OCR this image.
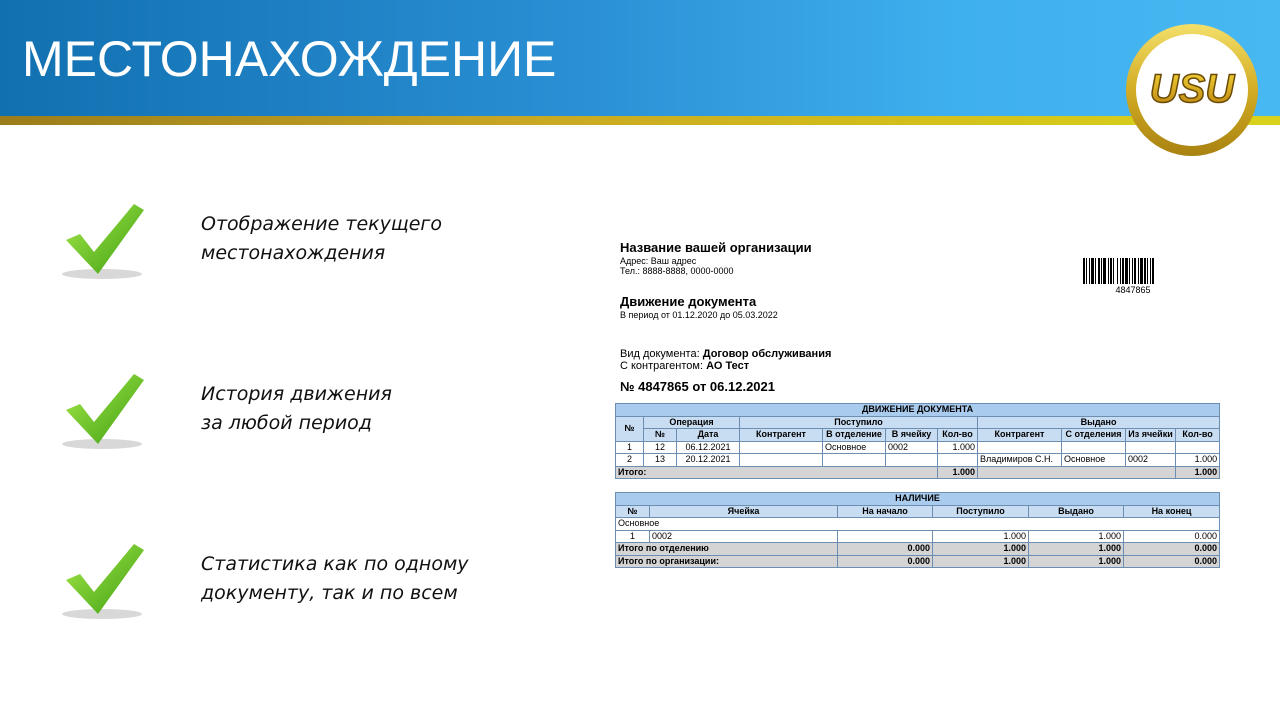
МЕСТОНАХОЖДЕНИЕ
USU
Отображение текущего
местонахождения
История движения
за любой период
Статистика как по одному
документу, так и по всем
Название вашей организации
Адрес: Ваш адрес
Тел.: 8888-8888, 0000-0000
4847865
Движение документа
В период от 01.12.2020 до 05.03.2022
Вид документа: Договор обслуживания
С контрагентом: АО Тест
№ 4847865 от 06.12.2021
ДВИЖЕНИЕ ДОКУМЕНТА										
№	Операция		Поступило				Выдано			
	№	Дата	Контрагент	В отделение	В ячейку	Кол-во	Контрагент	С отделения	Из ячейки	Кол-во
1	12	06.12.2021		Основное	0002	1.000				
2	13	20.12.2021					Владимиров С.Н.	Основное	0002	1.000
Итого:						1.000				1.000
НАЛИЧИЕ					
№	Ячейка	На начало	Поступило	Выдано	На конец
Основное					
1	0002		1.000	1.000	0.000
Итого по отделению		0.000	1.000	1.000	0.000
Итого по организации:		0.000	1.000	1.000	0.000
